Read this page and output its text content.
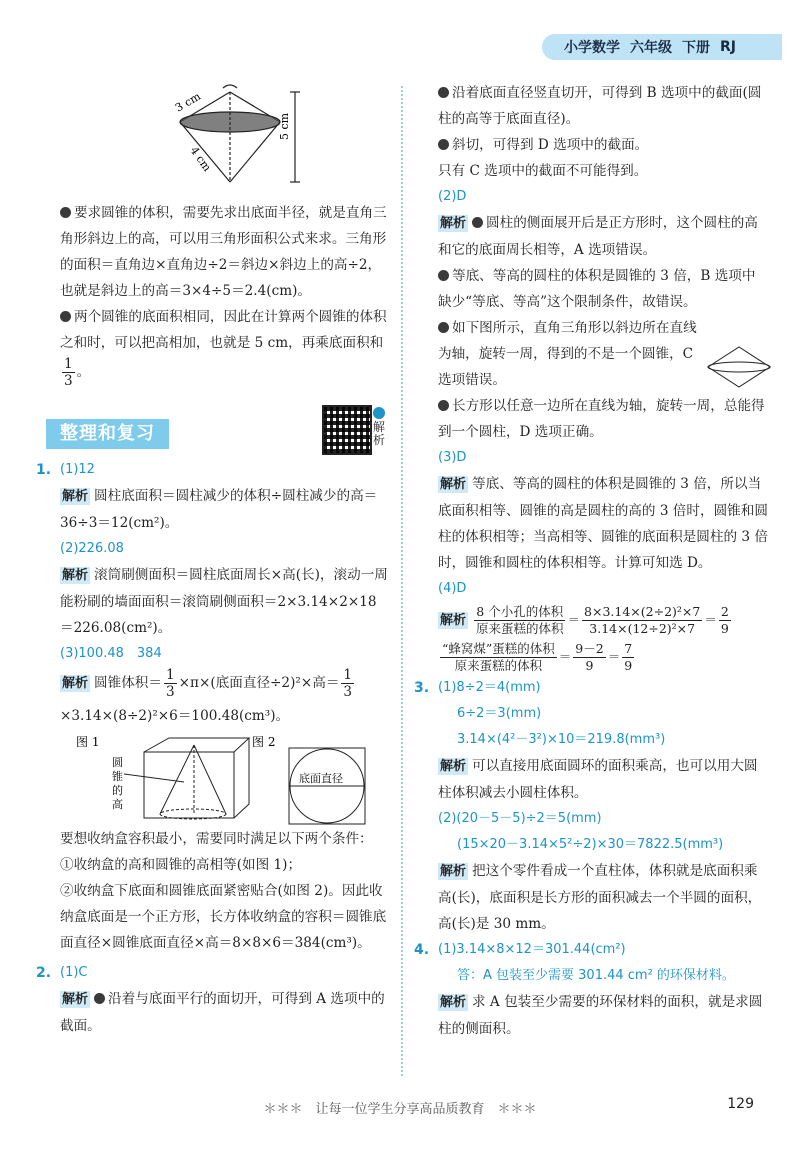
小学数学 六年级 下册 RJ
3 cm
4 cm
5 cm

要求圆锥的体积，需要先求出底面半径，就是直角三角形斜边上的高，可以用三角形面积公式来求。三角形的面积＝直角边×直角边÷2＝斜边×斜边上的高÷2，也就是斜边上的高＝3×4÷5＝2.4(cm)。

两个圆锥的底面积相同，因此在计算两个圆锥的体积之和时，可以把高相加，也就是 5 cm，再乘底面积和
$\frac{1}{3}$ 。

整理和复习	解析
1. (1)12

解析 圆柱底面积＝圆柱减少的体积÷圆柱减少的高＝36÷3＝12(cm²)。

(2)226.08

解析 滚筒刷侧面积＝圆柱底面周长×高(长)，滚动一周能粉刷的墙面面积＝滚筒刷侧面积＝2×3.14×2×18＝226.08(cm²)。

(3)100.48　384

解析 圆锥体积＝ $\frac{1}{3} \times\pi\times$(底面直径÷2)²×高＝ $\frac{1}{3}$
×3.14×(8÷2)²×6＝100.48(cm³)。

图 1	图 2
圆锥的高
底面直径

要想收纳盒容积最小，需要同时满足以下两个条件：

①收纳盒的高和圆锥的高相等(如图 1)；

②收纳盒下底面和圆锥底面紧密贴合(如图 2)。因此收纳盒底面是一个正方形，长方体收纳盒的容积＝圆锥底面直径×圆锥底面直径×高＝8×8×6＝384(cm³)。

2. (1)C

解析 沿着与底面平行的面切开，可得到 A 选项中的截面。

沿着底面直径竖直切开，可得到 B 选项中的截面(圆柱的高等于底面直径)。

斜切，可得到 D 选项中的截面。

只有 C 选项中的截面不可能得到。

(2)D

解析 圆柱的侧面展开后是正方形时，这个圆柱的高和它的底面周长相等，A 选项错误。

等底、等高的圆柱的体积是圆锥的 3 倍，B 选项中缺少“等底、等高”这个限制条件，故错误。

如下图所示，直角三角形以斜边所在直线为轴，旋转一周，得到的不是一个圆锥，C 选项错误。

长方形以任意一边所在直线为轴，旋转一周，总能得到一个圆柱，D 选项正确。

(3)D

解析 等底、等高的圆柱的体积是圆锥的 3 倍，所以当底面积相等、圆锥的高是圆柱的高的 3 倍时，圆锥和圆柱的体积相等；当高相等、圆锥的底面积是圆柱的 3 倍时，圆锥和圆柱的体积相等。计算可知选 D。

(4)D

解析 $\frac{\text{8 个小孔的体积}}{\text{原来蛋糕的体积}} = \frac{\text{8×3.14×(2÷2)²×7}}{\text{3.14×(12÷2)²×7}} = \frac{2}{9}$

$\frac{\text{“蜂窝煤”蛋糕的体积}}{\text{原来蛋糕的体积}} = \frac{9-2}{9} = \frac{7}{9}$

3. (1)8÷2＝4(mm)

6÷2＝3(mm)

3.14×(4²－3²)×10＝219.8(mm³)

解析 可以直接用底面圆环的面积乘高，也可以用大圆柱体积减去小圆柱体积。

(2)(20－5－5)÷2＝5(mm)

(15×20－3.14×5²÷2)×30＝7822.5(mm³)

解析 把这个零件看成一个直柱体，体积就是底面积乘高(长)，底面积是长方形的面积减去一个半圆的面积，高(长)是 30 mm。

4. (1)3.14×8×12＝301.44(cm²)

答：A 包装至少需要 301.44 cm² 的环保材料。

解析 求 A 包装至少需要的环保材料的面积，就是求圆柱的侧面积。

＊＊＊　让每一位学生分享高品质教育　＊＊＊	129
